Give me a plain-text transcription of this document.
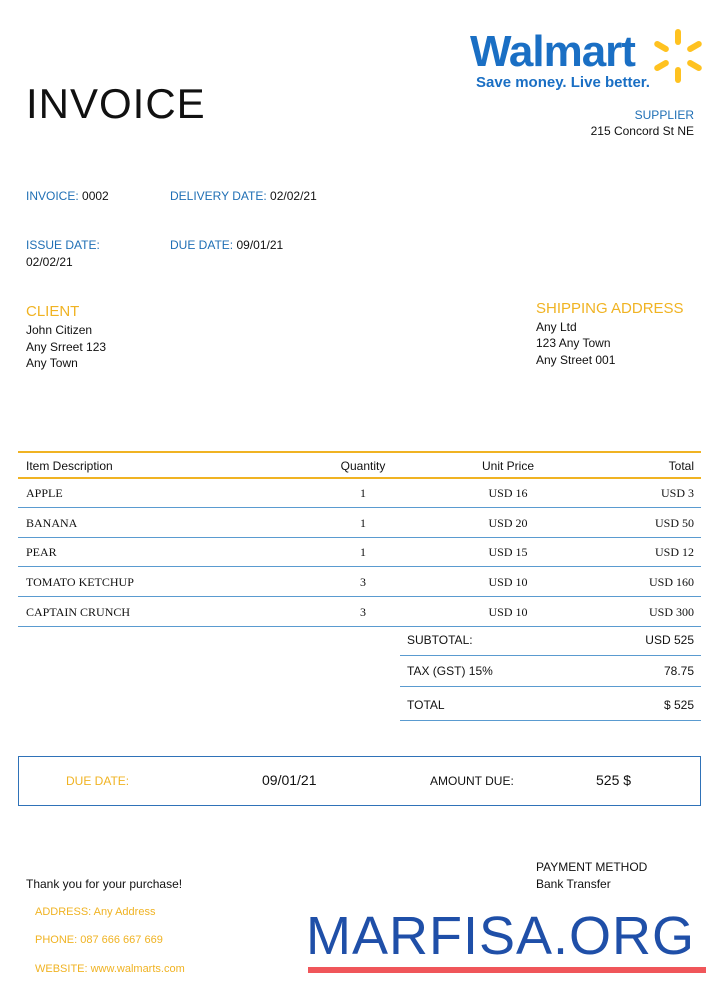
INVOICE
Walmart
Save money. Live better.
SUPPLIER
215 Concord St NE
INVOICE: 0002	DELIVERY DATE: 02/02/21
ISSUE DATE:
02/02/21
DUE DATE: 09/01/21
CLIENT
John Citizen
Any Srreet 123
Any Town
SHIPPING ADDRESS
Any Ltd
123 Any Town
Any Street 001
Item Description	Quantity	Unit Price	Total
APPLE	1	USD 16	USD 3
BANANA	1	USD 20	USD 50
PEAR	1	USD 15	USD 12
TOMATO KETCHUP	3	USD 10	USD 160
CAPTAIN CRUNCH	3	USD 10	USD 300
SUBTOTAL:	USD 525
TAX (GST) 15%	78.75
TOTAL	$ 525
DUE DATE:	09/01/21	AMOUNT DUE:	525 $
Thank you for your purchase!
ADDRESS: Any Address
PHONE: 087 666 667 669
WEBSITE: www.walmarts.com
PAYMENT METHOD
Bank Transfer
MARFISA.ORG
